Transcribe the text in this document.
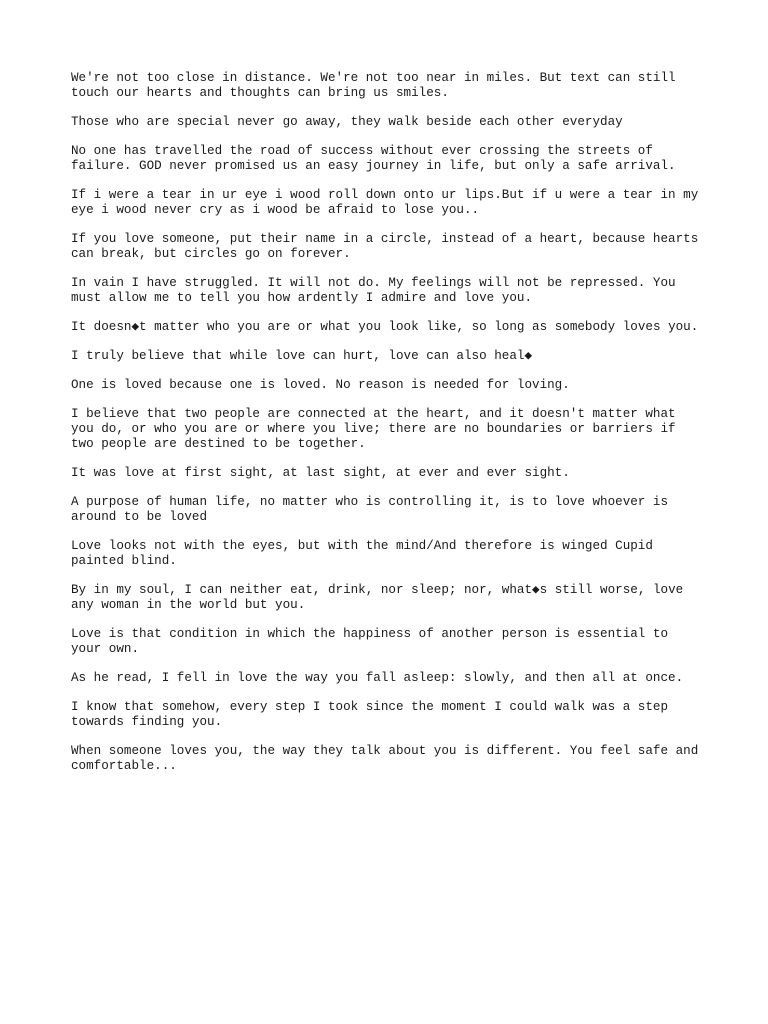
We're not too close in distance. We're not too near in miles. But text can still
touch our hearts and thoughts can bring us smiles.

Those who are special never go away, they walk beside each other everyday

No one has travelled the road of success without ever crossing the streets of
failure. GOD never promised us an easy journey in life, but only a safe arrival.

If i were a tear in ur eye i wood roll down onto ur lips.But if u were a tear in my
eye i wood never cry as i wood be afraid to lose you..

If you love someone, put their name in a circle, instead of a heart, because hearts
can break, but circles go on forever.

In vain I have struggled. It will not do. My feelings will not be repressed. You
must allow me to tell you how ardently I admire and love you.

It doesn◆t matter who you are or what you look like, so long as somebody loves you.

I truly believe that while love can hurt, love can also heal◆

One is loved because one is loved. No reason is needed for loving.

I believe that two people are connected at the heart, and it doesn't matter what
you do, or who you are or where you live; there are no boundaries or barriers if
two people are destined to be together.

It was love at first sight, at last sight, at ever and ever sight.

A purpose of human life, no matter who is controlling it, is to love whoever is
around to be loved

Love looks not with the eyes, but with the mind/And therefore is winged Cupid
painted blind.

By in my soul, I can neither eat, drink, nor sleep; nor, what◆s still worse, love
any woman in the world but you.

Love is that condition in which the happiness of another person is essential to
your own.

As he read, I fell in love the way you fall asleep: slowly, and then all at once.

I know that somehow, every step I took since the moment I could walk was a step
towards finding you.

When someone loves you, the way they talk about you is different. You feel safe and
comfortable...
